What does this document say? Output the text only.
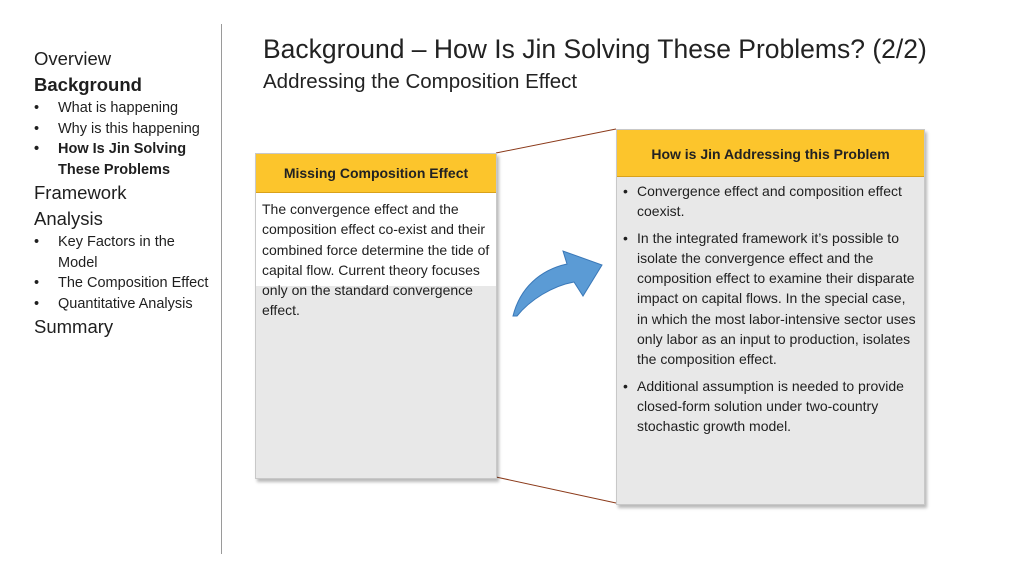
Overview
Background
• What is happening
• Why is this happening
• How Is Jin Solving These Problems
Framework
Analysis
• Key Factors in the Model
• The Composition Effect
• Quantitative Analysis
Summary
Background – How Is Jin Solving These Problems? (2/2)
Addressing the Composition Effect
Missing Composition Effect
The convergence effect and the composition effect co-exist and their combined force determine the tide of capital flow. Current theory focuses only on the standard convergence effect.
How is Jin Addressing this Problem
• Convergence effect and composition effect coexist.
• In the integrated framework it’s possible to isolate the convergence effect and the composition effect to examine their disparate impact on capital flows. In the special case, in which the most labor-intensive sector uses only labor as an input to production, isolates the composition effect.
• Additional assumption is needed to provide closed-form solution under two-country stochastic growth model.
